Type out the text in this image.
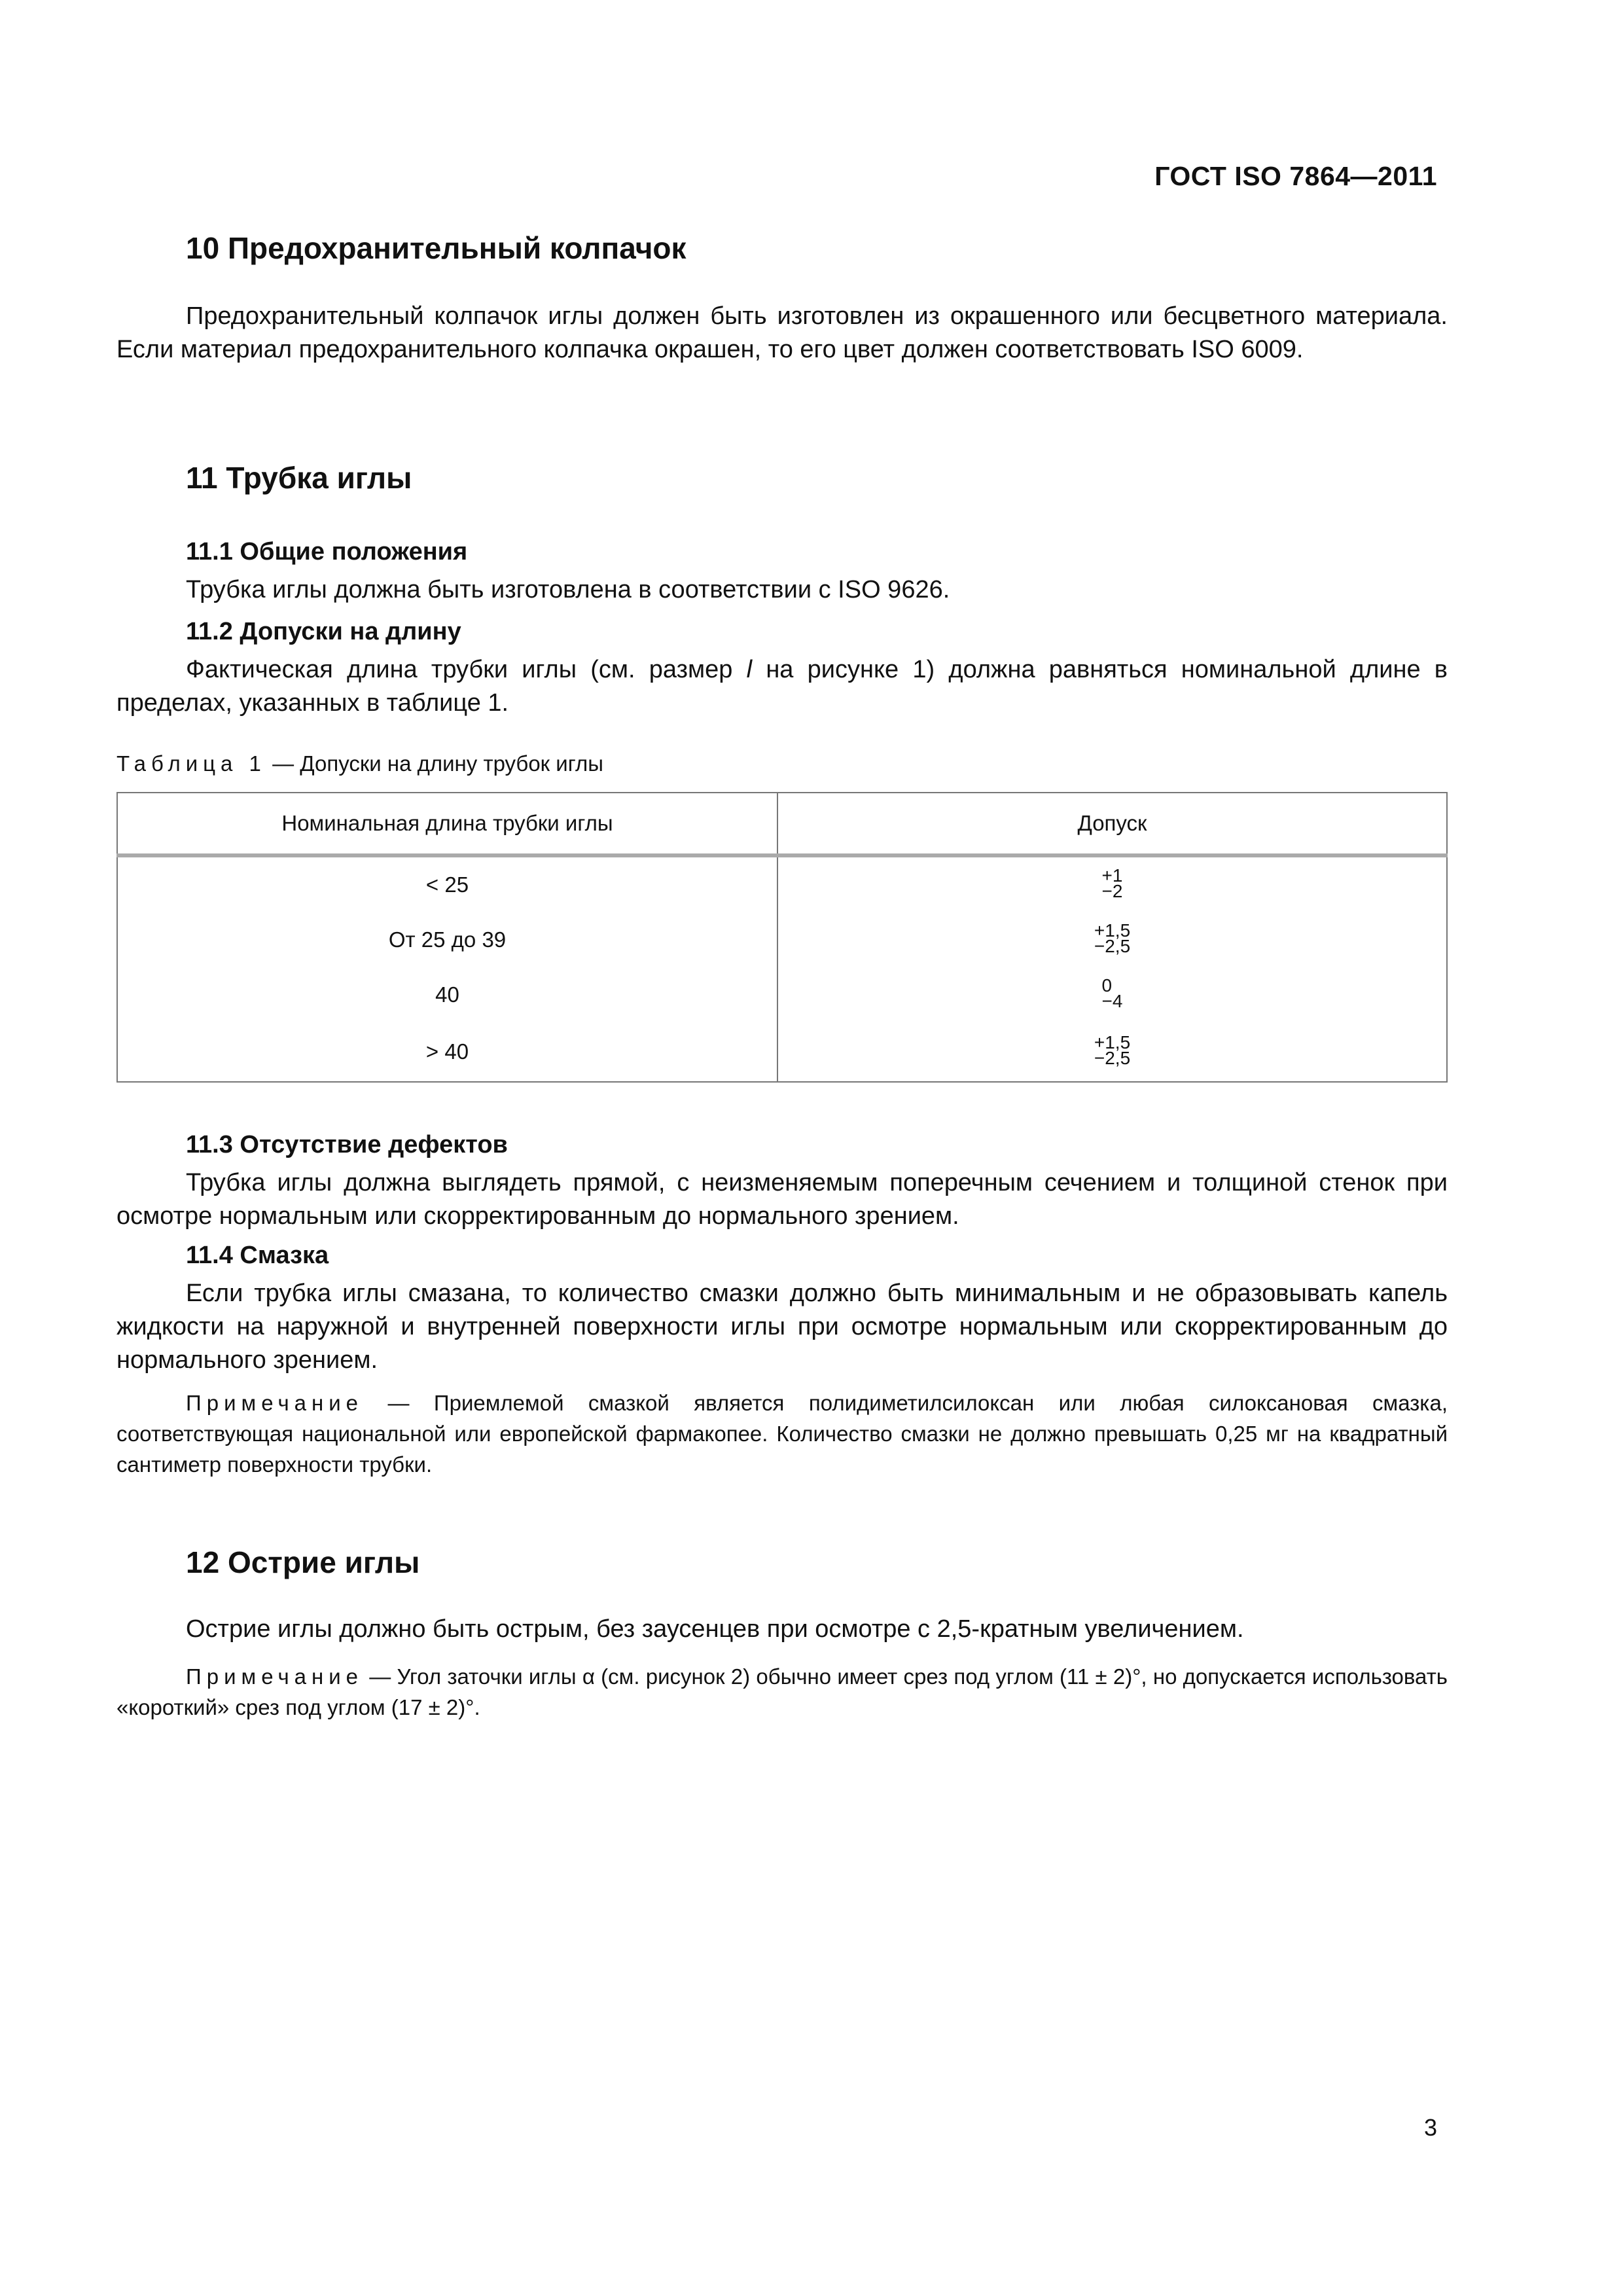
ГОСТ ISO 7864—2011
10 Предохранительный колпачок
Предохранительный колпачок иглы должен быть изготовлен из окрашенного или бесцветного материала. Если материал предохранительного колпачка окрашен, то его цвет должен соответствовать ISO 6009.
11 Трубка иглы
11.1 Общие положения
Трубка иглы должна быть изготовлена в соответствии с ISO 9626.
11.2 Допуски на длину
Фактическая длина трубки иглы (см. размер l на рисунке 1) должна равняться номинальной длине в пределах, указанных в таблице 1.
Таблица 1 — Допуски на длину трубок иглы
Номинальная длина трубки иглы	Допуск
< 25	+1
−2

От 25 до 39	+1,5
−2,5

40	0
−4

> 40	+1,5
−2,5
11.3 Отсутствие дефектов
Трубка иглы должна выглядеть прямой, с неизменяемым поперечным сечением и толщиной стенок при осмотре нормальным или скорректированным до нормального зрением.
11.4 Смазка
Если трубка иглы смазана, то количество смазки должно быть минимальным и не образовывать капель жидкости на наружной и внутренней поверхности иглы при осмотре нормальным или скорректированным до нормального зрением.
Примечание — Приемлемой смазкой является полидиметилсилоксан или любая силоксановая смазка, соответствующая национальной или европейской фармакопее. Количество смазки не должно превышать 0,25 мг на квадратный сантиметр поверхности трубки.
12 Острие иглы
Острие иглы должно быть острым, без заусенцев при осмотре с 2,5-кратным увеличением.
Примечание — Угол заточки иглы α (см. рисунок 2) обычно имеет срез под углом (11 ± 2)°, но допускается использовать «короткий» срез под углом (17 ± 2)°.
3
